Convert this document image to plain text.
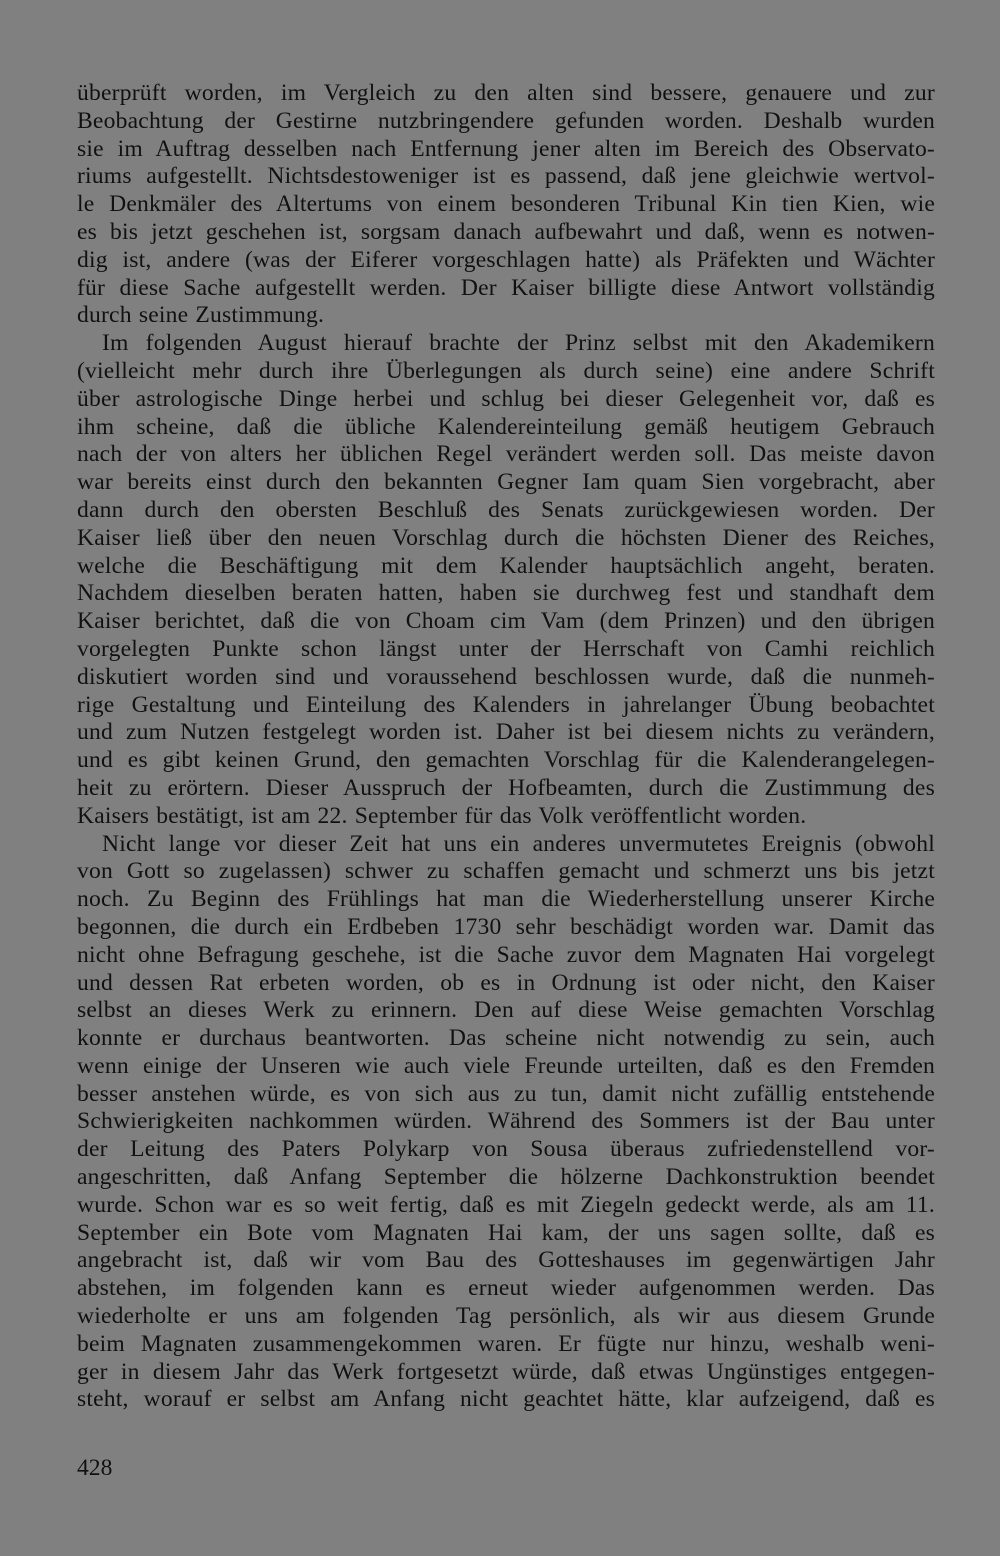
überprüft worden, im Vergleich zu den alten sind bessere, genauere und zur
Beobachtung der Gestirne nutzbringendere gefunden worden. Deshalb wurden
sie im Auftrag desselben nach Entfernung jener alten im Bereich des Observato-
riums aufgestellt. Nichtsdestoweniger ist es passend, daß jene gleichwie wertvol-
le Denkmäler des Altertums von einem besonderen Tribunal Kin tien Kien, wie
es bis jetzt geschehen ist, sorgsam danach aufbewahrt und daß, wenn es notwen-
dig ist, andere (was der Eiferer vorgeschlagen hatte) als Präfekten und Wächter
für diese Sache aufgestellt werden. Der Kaiser billigte diese Antwort vollständig
durch seine Zustimmung.
Im folgenden August hierauf brachte der Prinz selbst mit den Akademikern
(vielleicht mehr durch ihre Überlegungen als durch seine) eine andere Schrift
über astrologische Dinge herbei und schlug bei dieser Gelegenheit vor, daß es
ihm scheine, daß die übliche Kalendereinteilung gemäß heutigem Gebrauch
nach der von alters her üblichen Regel verändert werden soll. Das meiste davon
war bereits einst durch den bekannten Gegner Iam quam Sien vorgebracht, aber
dann durch den obersten Beschluß des Senats zurückgewiesen worden. Der
Kaiser ließ über den neuen Vorschlag durch die höchsten Diener des Reiches,
welche die Beschäftigung mit dem Kalender hauptsächlich angeht, beraten.
Nachdem dieselben beraten hatten, haben sie durchweg fest und standhaft dem
Kaiser berichtet, daß die von Choam cim Vam (dem Prinzen) und den übrigen
vorgelegten Punkte schon längst unter der Herrschaft von Camhi reichlich
diskutiert worden sind und voraussehend beschlossen wurde, daß die nunmeh-
rige Gestaltung und Einteilung des Kalenders in jahrelanger Übung beobachtet
und zum Nutzen festgelegt worden ist. Daher ist bei diesem nichts zu verändern,
und es gibt keinen Grund, den gemachten Vorschlag für die Kalenderangelegen-
heit zu erörtern. Dieser Ausspruch der Hofbeamten, durch die Zustimmung des
Kaisers bestätigt, ist am 22. September für das Volk veröffentlicht worden.
Nicht lange vor dieser Zeit hat uns ein anderes unvermutetes Ereignis (obwohl
von Gott so zugelassen) schwer zu schaffen gemacht und schmerzt uns bis jetzt
noch. Zu Beginn des Frühlings hat man die Wiederherstellung unserer Kirche
begonnen, die durch ein Erdbeben 1730 sehr beschädigt worden war. Damit das
nicht ohne Befragung geschehe, ist die Sache zuvor dem Magnaten Hai vorgelegt
und dessen Rat erbeten worden, ob es in Ordnung ist oder nicht, den Kaiser
selbst an dieses Werk zu erinnern. Den auf diese Weise gemachten Vorschlag
konnte er durchaus beantworten. Das scheine nicht notwendig zu sein, auch
wenn einige der Unseren wie auch viele Freunde urteilten, daß es den Fremden
besser anstehen würde, es von sich aus zu tun, damit nicht zufällig entstehende
Schwierigkeiten nachkommen würden. Während des Sommers ist der Bau unter
der Leitung des Paters Polykarp von Sousa überaus zufriedenstellend vor-
angeschritten, daß Anfang September die hölzerne Dachkonstruktion beendet
wurde. Schon war es so weit fertig, daß es mit Ziegeln gedeckt werde, als am 11.
September ein Bote vom Magnaten Hai kam, der uns sagen sollte, daß es
angebracht ist, daß wir vom Bau des Gotteshauses im gegenwärtigen Jahr
abstehen, im folgenden kann es erneut wieder aufgenommen werden. Das
wiederholte er uns am folgenden Tag persönlich, als wir aus diesem Grunde
beim Magnaten zusammengekommen waren. Er fügte nur hinzu, weshalb weni-
ger in diesem Jahr das Werk fortgesetzt würde, daß etwas Ungünstiges entgegen-
steht, worauf er selbst am Anfang nicht geachtet hätte, klar aufzeigend, daß es
428
